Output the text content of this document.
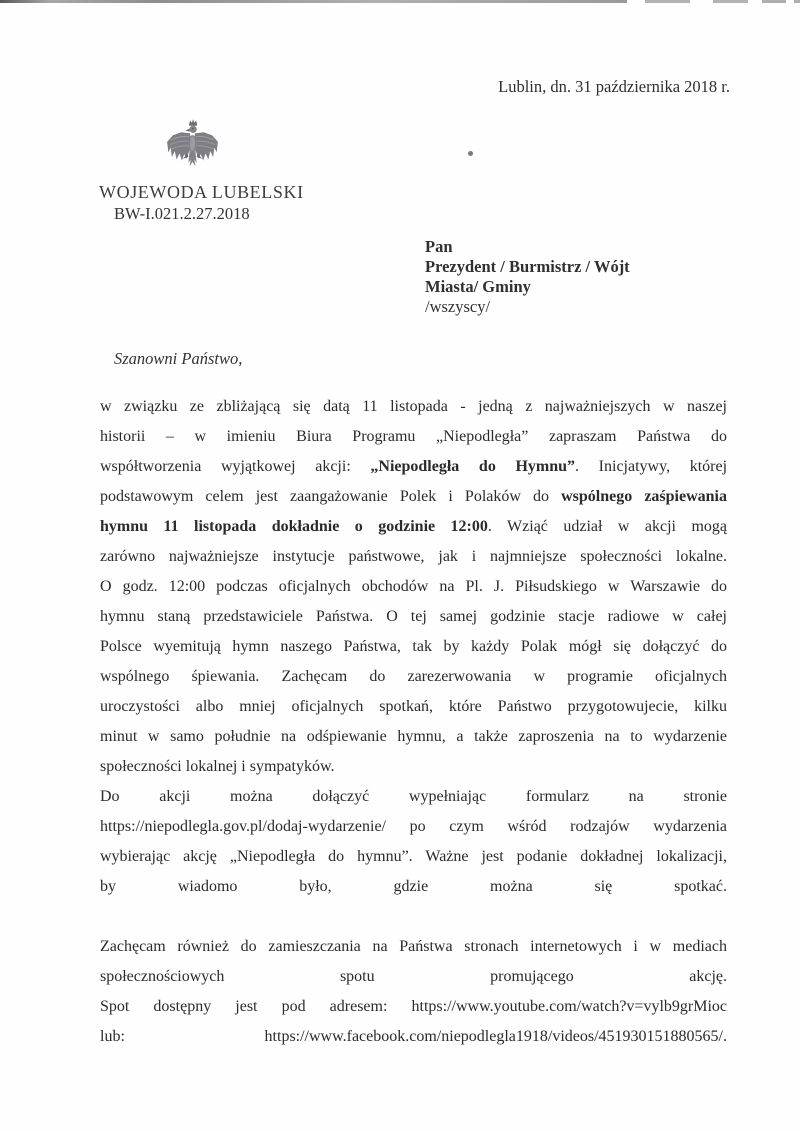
Lublin, dn. 31 października 2018 r.
WOJEWODA LUBELSKI
BW-I.021.2.27.2018
Pan
Prezydent / Burmistrz / Wójt
Miasta/ Gminy
/wszyscy/
Szanowni Państwo,
w związku ze zbliżającą się datą 11 listopada - jedną z najważniejszych w naszej
historii – w imieniu Biura Programu „Niepodległa” zapraszam Państwa do
współtworzenia wyjątkowej akcji: „Niepodległa do Hymnu”. Inicjatywy, której
podstawowym celem jest zaangażowanie Polek i Polaków do wspólnego zaśpiewania
hymnu 11 listopada dokładnie o godzinie 12:00. Wziąć udział w akcji mogą
zarówno najważniejsze instytucje państwowe, jak i najmniejsze społeczności lokalne.
O godz. 12:00 podczas oficjalnych obchodów na Pl. J. Piłsudskiego w Warszawie do
hymnu staną przedstawiciele Państwa. O tej samej godzinie stacje radiowe w całej
Polsce wyemitują hymn naszego Państwa, tak by każdy Polak mógł się dołączyć do
wspólnego śpiewania. Zachęcam do zarezerwowania w programie oficjalnych
uroczystości albo mniej oficjalnych spotkań, które Państwo przygotowujecie, kilku
minut w samo południe na odśpiewanie hymnu, a także zaproszenia na to wydarzenie
społeczności lokalnej i sympatyków.
Do akcji można dołączyć wypełniając formularz na stronie
https://niepodlegla.gov.pl/dodaj-wydarzenie/ po czym wśród rodzajów wydarzenia
wybierając akcję „Niepodległa do hymnu”. Ważne jest podanie dokładnej lokalizacji,
by wiadomo było, gdzie można się spotkać.
Zachęcam również do zamieszczania na Państwa stronach internetowych i w mediach
społecznościowych spotu promującego akcję.
Spot dostępny jest pod adresem: https://www.youtube.com/watch?v=vylb9grMioc
lub: https://www.facebook.com/niepodlegla1918/videos/451930151880565/.
